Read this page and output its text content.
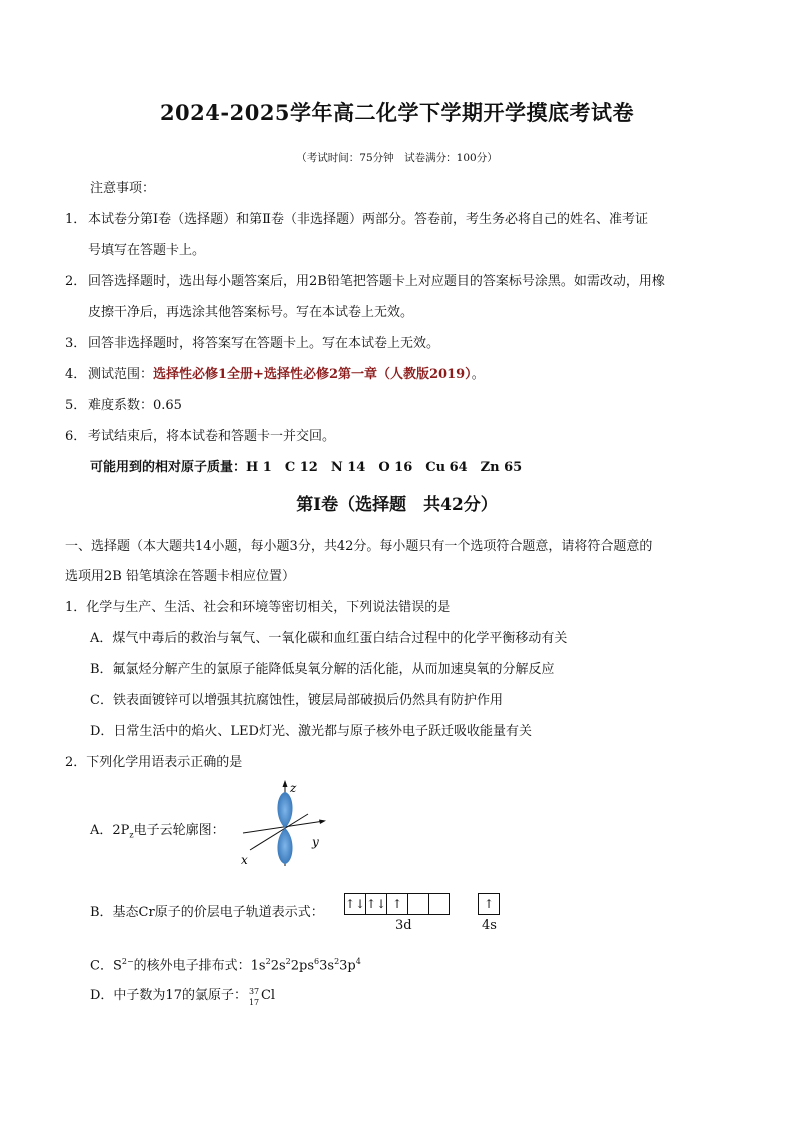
2024-2025学年高二化学下学期开学摸底考试卷
（考试时间：75分钟　试卷满分：100分）
注意事项：
1． 本试卷分第Ⅰ卷（选择题）和第Ⅱ卷（非选择题）两部分。答卷前，考生务必将自己的姓名、准考证
号填写在答题卡上。
2． 回答选择题时，选出每小题答案后，用2B铅笔把答题卡上对应题目的答案标号涂黑。如需改动，用橡
皮擦干净后，再选涂其他答案标号。写在本试卷上无效。
3． 回答非选择题时，将答案写在答题卡上。写在本试卷上无效。
4． 测试范围：选择性必修1全册+选择性必修2第一章（人教版2019）。
5． 难度系数：0.65
6． 考试结束后，将本试卷和答题卡一并交回。
可能用到的相对原子质量：H 1　C 12　N 14　O 16　Cu 64　Zn 65
第Ⅰ卷（选择题　共42分）
一、选择题（本大题共14小题，每小题3分，共42分。每小题只有一个选项符合题意，请将符合题意的
选项用2B 铅笔填涂在答题卡相应位置）
1．化学与生产、生活、社会和环境等密切相关，下列说法错误的是
A．煤气中毒后的救治与氧气、一氧化碳和血红蛋白结合过程中的化学平衡移动有关
B．氟氯烃分解产生的氯原子能降低臭氧分解的活化能，从而加速臭氧的分解反应
C．铁表面镀锌可以增强其抗腐蚀性，镀层局部破损后仍然具有防护作用
D．日常生活中的焰火、LED灯光、激光都与原子核外电子跃迁吸收能量有关
2．下列化学用语表示正确的是
A．$2P_z$电子云轮廓图：
z
y
x
B．基态Cr原子的价层电子轨道表示式：
↑↓↑↓ ↑	↑
3d	4s
C．$S^{2-}$的核外电子排布式：$1s^22s^22ps^63s^23p^4$
D．中子数为17的氯原子： 37
17 Cl
